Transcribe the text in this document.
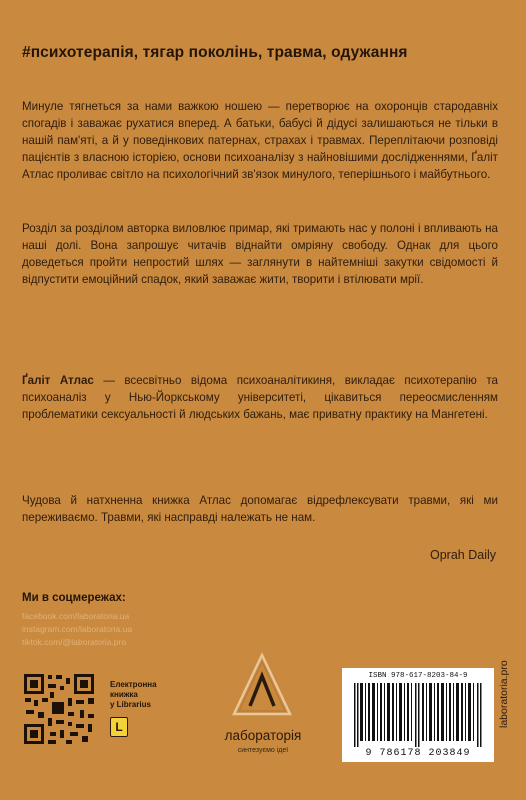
#психотерапія, тягар поколінь, травма, одужання
Минуле тягнеться за нами важкою ношею — перетворює на охоронців стародавніх спогадів і заважає рухатися вперед. А батьки, бабусі й дідусі залишаються не тільки в нашій пам'яті, а й у поведінкових патернах, страхах і травмах. Переплітаючи розповіді пацієнтів з власною історією, основи психоаналізу з найновішими дослідженнями, Ґаліт Атлас проливає світло на психологічний зв'язок минулого, теперішнього і майбутнього.
Розділ за розділом авторка виловлює примар, які тримають нас у полоні і впливають на наші долі. Вона запрошує читачів віднайти омріяну свободу. Однак для цього доведеться пройти непростий шлях — заглянути в найтемніші закутки свідомості й відпустити емоційний спадок, який заважає жити, творити і втілювати мрії.
Ґаліт Атлас — всесвітньо відома психоаналітикиня, викладає психотерапію та психоаналіз у Нью-Йоркському університеті, цікавиться переосмисленням проблематики сексуальності й людських бажань, має приватну практику на Мангетені.
Чудова й натхненна книжка Атлас допомагає відрефлексувати травми, які ми переживаємо. Травми, які насправді належать не нам.
Oprah Daily
Ми в соцмережах:
facebook.com/laboratoria.ua
instagram.com/laboratoria.ua
tiktok.com/@laboratoria.pro
Електронна
книжка
у Librarius
L
лабораторія
синтезуємо ідеї
ISBN 978-617-8203-84-9
9 786178 203849
laboratoria.pro
